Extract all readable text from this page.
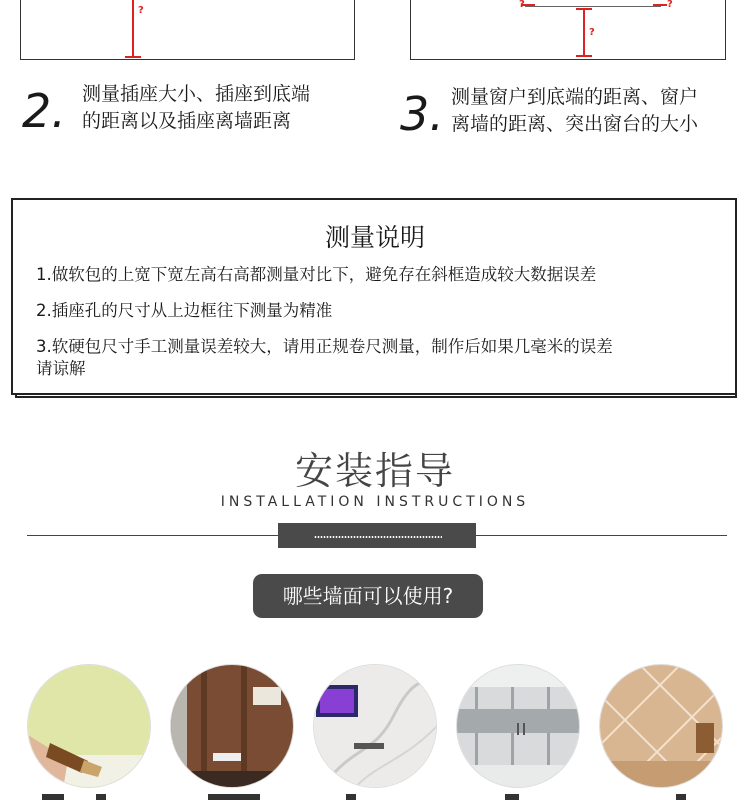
?
?	?
?
2. 测量插座大小、插座到底端
的距离以及插座离墙距离 3. 测量窗户到底端的距离、窗户
离墙的距离、突出窗台的大小
测量说明
1.做软包的上宽下宽左高右高都测量对比下，避免存在斜框造成较大数据误差
2.插座孔的尺寸从上边框往下测量为精准
3.软硬包尺寸手工测量误差较大，请用正规卷尺测量，制作后如果几毫米的误差
请谅解
安装指导
INSTALLATION INSTRUCTIONS
哪些墙面可以使用?
